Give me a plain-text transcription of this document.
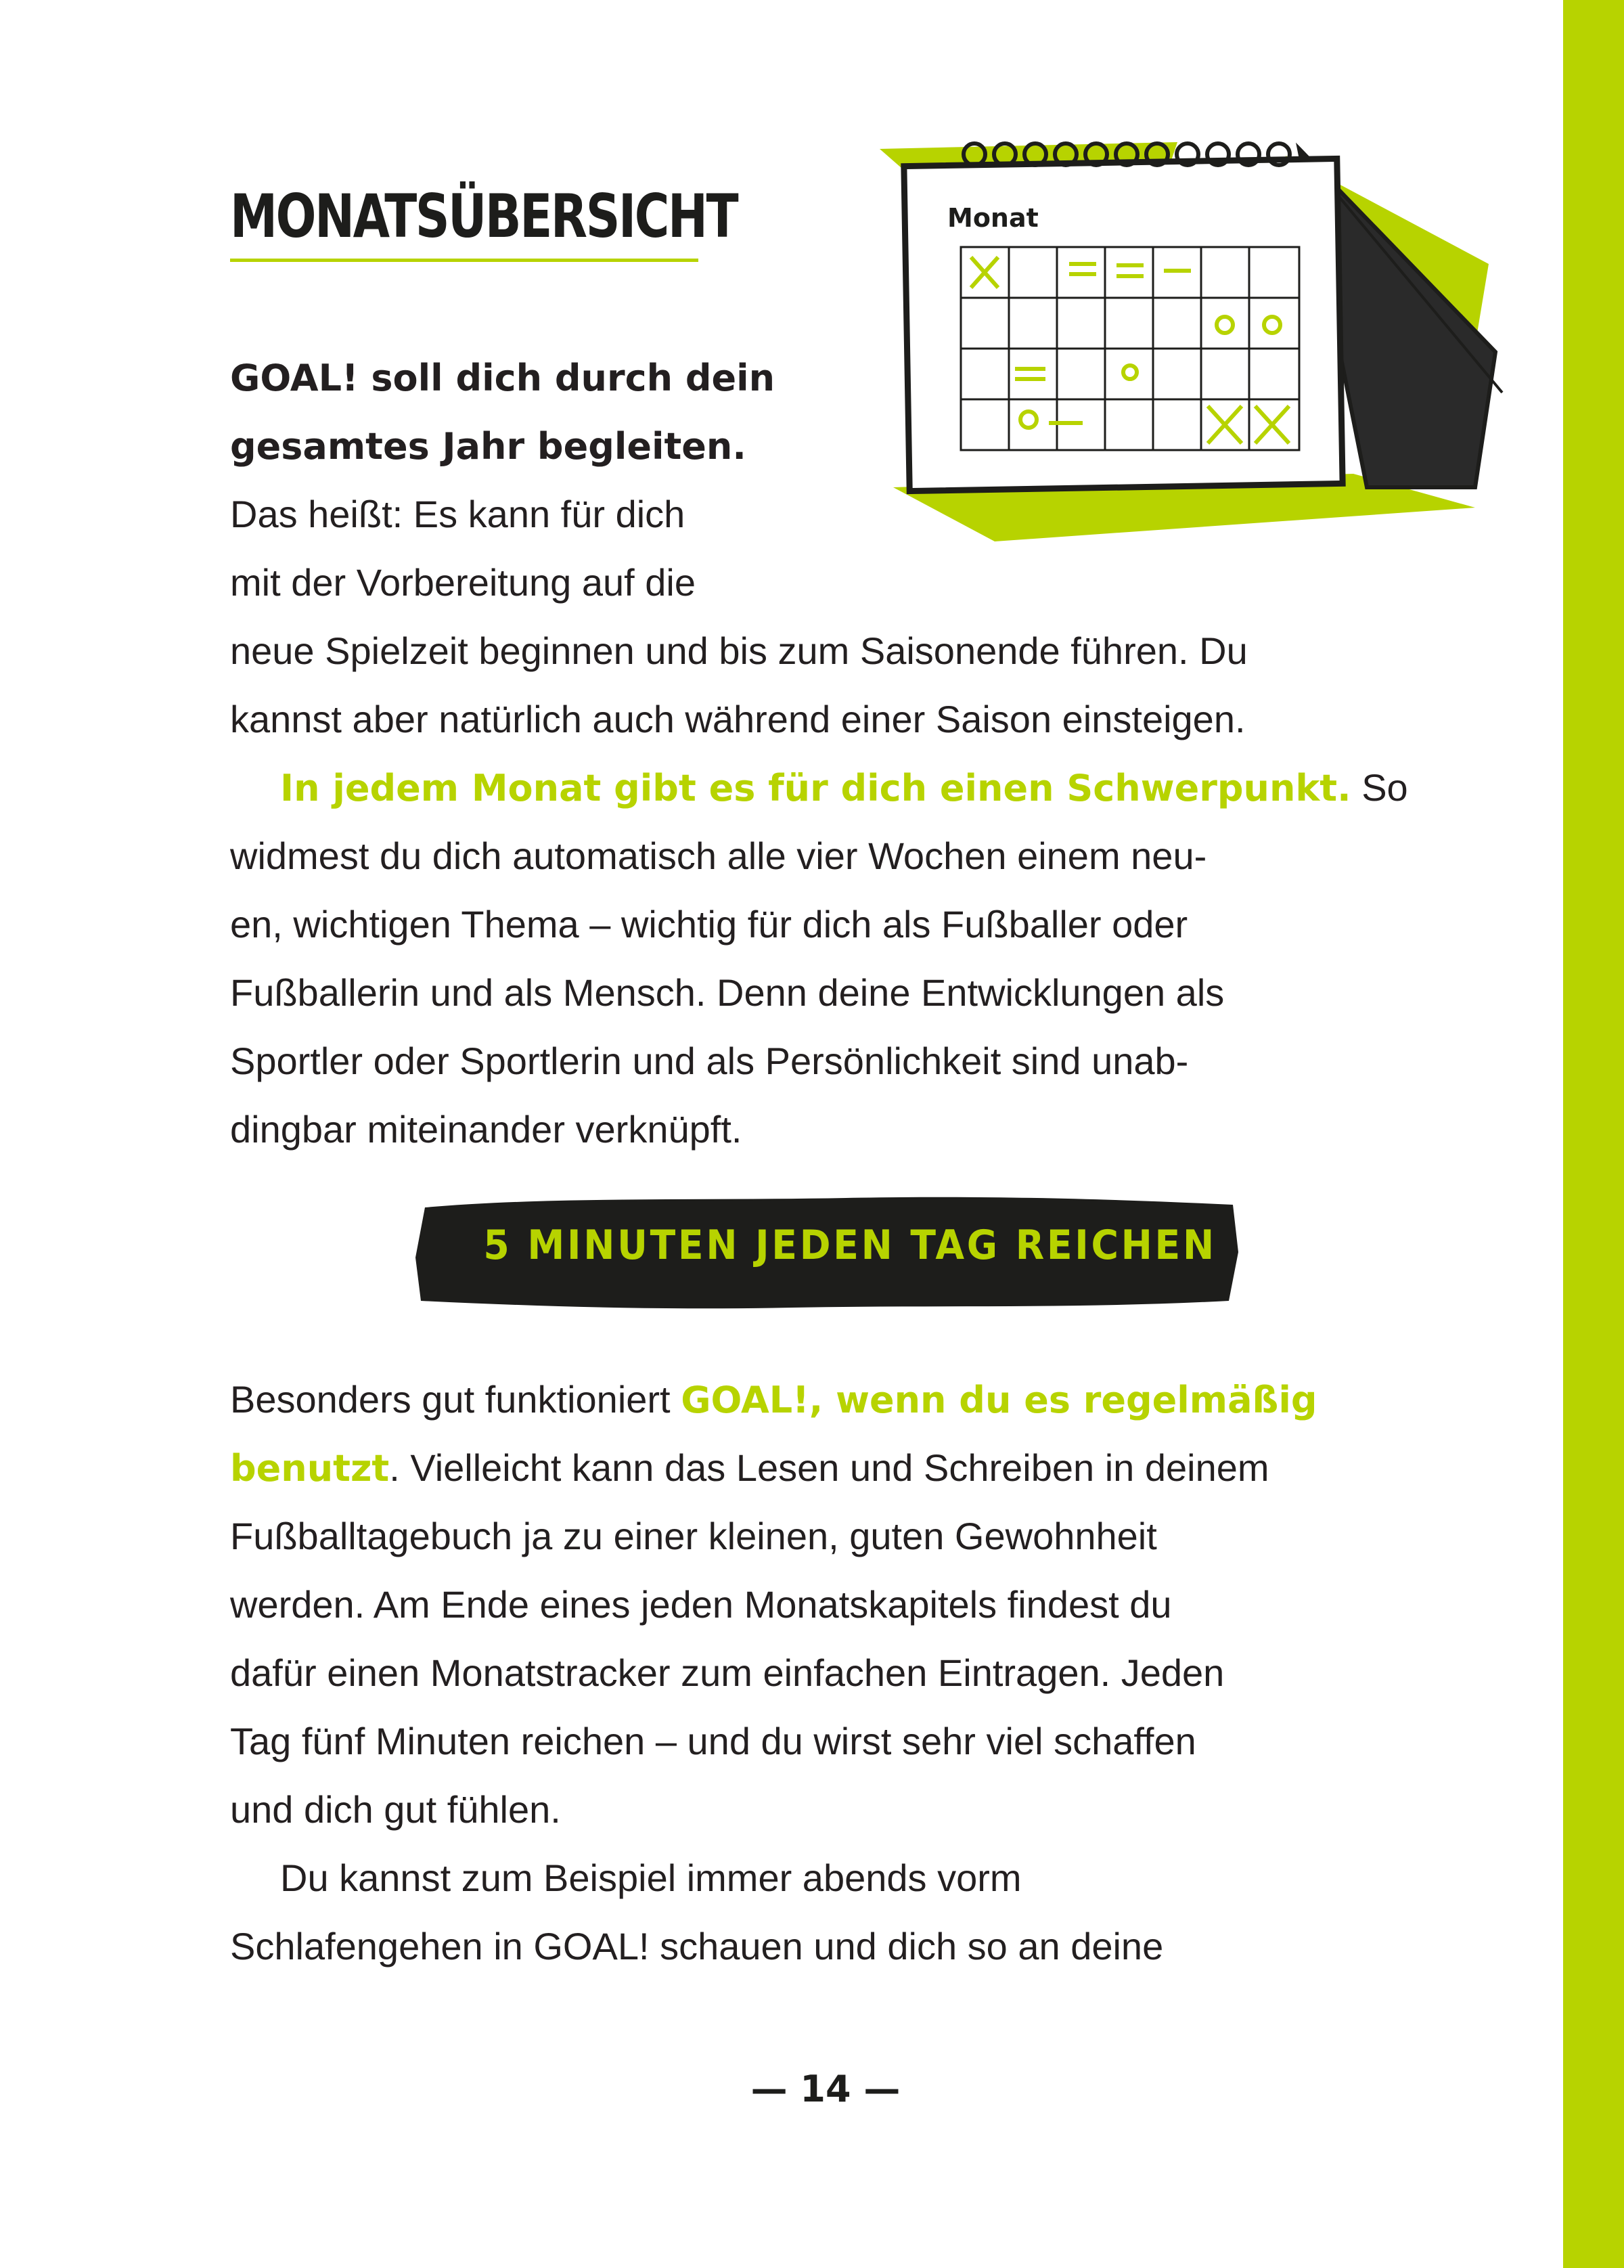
MONATSÜBERSICHT	Monat
GOAL! soll dich durch dein
gesamtes Jahr begleiten.
Das heißt: Es kann für dich
mit der Vorbereitung auf die
neue Spielzeit beginnen und bis zum Saisonende führen. Du
kannst aber natürlich auch während einer Saison einsteigen.
In jedem Monat gibt es für dich einen Schwerpunkt. So
widmest du dich automatisch alle vier Wochen einem neu-
en, wichtigen Thema – wichtig für dich als Fußballer oder
Fußballerin und als Mensch. Denn deine Entwicklungen als
Sportler oder Sportlerin und als Persönlichkeit sind unab-
dingbar miteinander verknüpft.
5 MINUTEN JEDEN TAG REICHEN
Besonders gut funktioniert GOAL!, wenn du es regelmäßig
benutzt. Vielleicht kann das Lesen und Schreiben in deinem
Fußballtagebuch ja zu einer kleinen, guten Gewohnheit
werden. Am Ende eines jeden Monatskapitels findest du
dafür einen Monatstracker zum einfachen Eintragen. Jeden
Tag fünf Minuten reichen – und du wirst sehr viel schaffen
und dich gut fühlen.
Du kannst zum Beispiel immer abends vorm
Schlafengehen in GOAL! schauen und dich so an deine
— 14 —
